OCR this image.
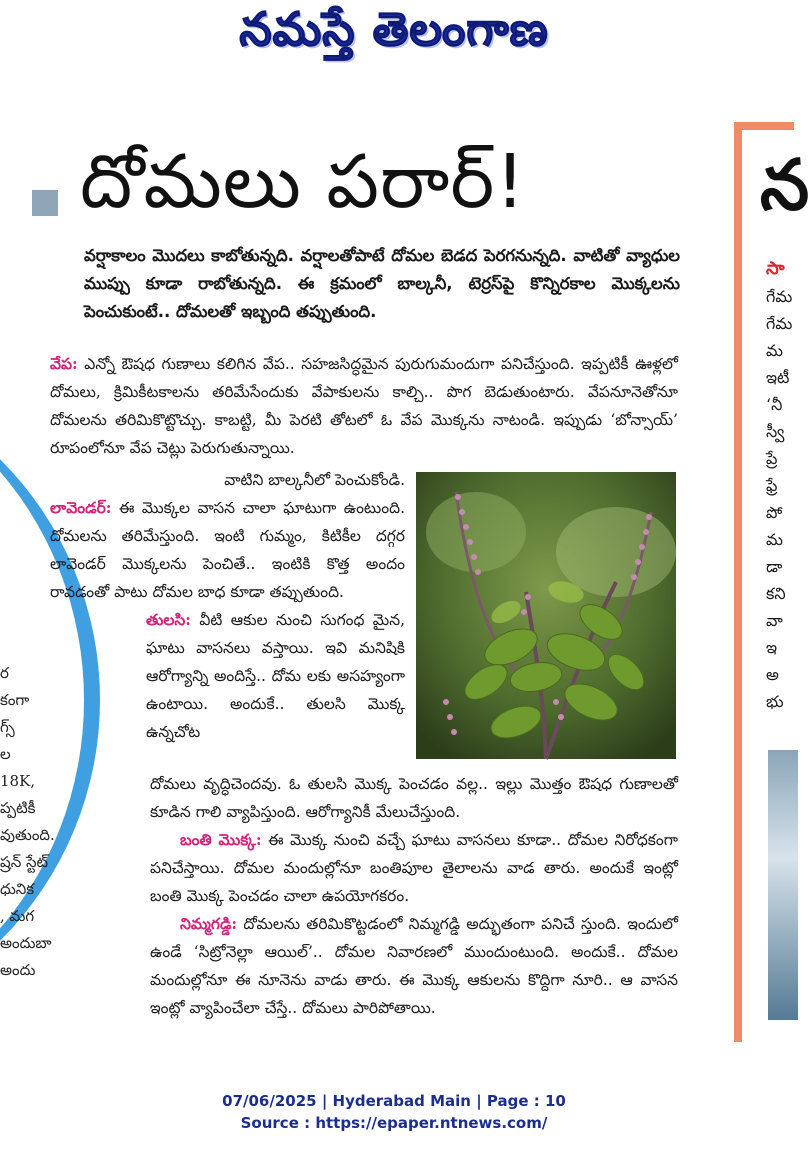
నమస్తే తెలంగాణ
ర
కంగా
గ్స్
ల
18K,
ప్పటికీ
వుతుంది.
ష్రన్ స్టేట్
ధునిక
, మగ
అందుబా
అందు
న
సా
గేమ
గేమ
మ
ఇటీ
‘నీ
స్వీ
ప్రే
ఫ్రే
పో
మ
డా
కని
వా
ఇ
అ
భు
దోమలు పరార్!

వర్షాకాలం మొదలు కాబోతున్నది. వర్షాలతోపాటే దోమల బెడద పెరగనున్నది. వాటితో వ్యాధుల ముప్పు కూడా రాబోతున్నది. ఈ క్రమంలో బాల్కనీ, టెర్రస్‌పై కొన్నిరకాల మొక్కలను పెంచుకుంటే.. దోమలతో ఇబ్బంది తప్పుతుంది.

వేప: ఎన్నో ఔషధ గుణాలు కలిగిన వేప.. సహజసిద్ధమైన పురుగుమందుగా పనిచేస్తుంది. ఇప్పటికీ ఊళ్లలో దోమలు, క్రిమికీటకాలను తరిమేసేందుకు వేపాకులను కాల్చి.. పొగ బెడుతుంటారు. వేపనూనెతోనూ దోమలను తరిమికొట్టొచ్చు. కాబట్టి, మీ పెరటి తోటలో ఓ వేప మొక్కను నాటండి. ఇప్పుడు ‘బోన్సాయ్’ రూపంలోనూ వేప చెట్లు పెరుగుతున్నాయి.

వాటిని బాల్కనీలో పెంచుకోండి.

లావెండర్: ఈ మొక్కల వాసన చాలా ఘాటుగా ఉంటుంది. దోమలను తరిమేస్తుంది. ఇంటి గుమ్మం, కిటికీల దగ్గర లావెండర్ మొక్కలను పెంచితే.. ఇంటికి కొత్త అందం రావడంతో పాటు దోమల బాధ కూడా తప్పుతుంది.

తులసి: వీటి ఆకుల నుంచి సుగంధ మైన, ఘాటు వాసనలు వస్తాయి. ఇవి మనిషికి ఆరోగ్యాన్ని అందిస్తే.. దోమ లకు అసహ్యంగా ఉంటాయి. అందుకే.. తులసి మొక్క ఉన్నచోట

దోమలు వృద్ధిచెందవు. ఓ తులసి మొక్క పెంచడం వల్ల.. ఇల్లు మొత్తం ఔషధ గుణాలతో కూడిన గాలి వ్యాపిస్తుంది. ఆరోగ్యానికీ మేలుచేస్తుంది.

బంతి మొక్క: ఈ మొక్క నుంచి వచ్చే ఘాటు వాసనలు కూడా.. దోమల నిరోధకంగా పనిచేస్తాయి. దోమల మందుల్లోనూ బంతిపూల తైలాలను వాడ తారు. అందుకే ఇంట్లో బంతి మొక్క పెంచడం చాలా ఉపయోగకరం.

నిమ్మగడ్డి: దోమలను తరిమికొట్టడంలో నిమ్మగడ్డి అద్భుతంగా పనిచే స్తుంది. ఇందులో ఉండే ‘సిట్రోనెల్లా ఆయిల్’.. దోమల నివారణలో ముందుంటుంది. అందుకే.. దోమల మందుల్లోనూ ఈ నూనెను వాడు తారు. ఈ మొక్క ఆకులను కొద్దిగా నూరి.. ఆ వాసన ఇంట్లో వ్యాపించేలా చేస్తే.. దోమలు పారిపోతాయి.

07/06/2025 | Hyderabad Main | Page : 10
Source : https://epaper.ntnews.com/
